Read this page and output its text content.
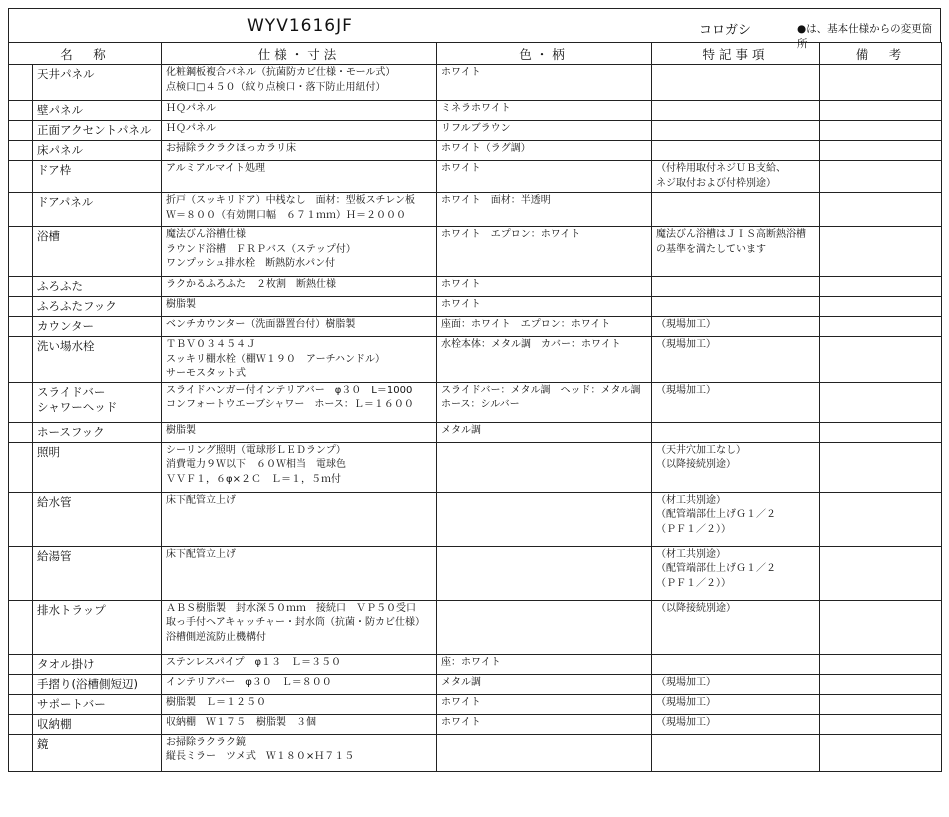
WYV1616JF	コロガシ	●は、基本仕様からの変更箇所
名　称		仕様・寸法	色・柄	特記事項	備　考

	天井パネル	化粧鋼板複合パネル（抗菌防カビ仕様・モール式）
点検口□４５０（紋り点検口・落下防止用紐付）	ホワイト		

	壁パネル	ＨＱパネル	ミネラホワイト		

	正面アクセントパネル	ＨＱパネル	リフルブラウン		

	床パネル	お掃除ラクラクほっカラリ床	ホワイト（ラグ調）		

	ドア枠	アルミアルマイト処理	ホワイト	（付枠用取付ネジＵＢ支給、
ネジ取付および付枠別途）	

	ドアパネル	折戸（スッキリドア）中桟なし　面材：型板スチレン板
Ｗ＝８００（有効開口幅　６７１ｍｍ）Ｈ＝２０００	ホワイト　面材：半透明		

	浴槽	魔法びん浴槽仕様
ラウンド浴槽　ＦＲＰバス（ステップ付）
ワンプッシュ排水栓　断熱防水パン付	ホワイト　エプロン：ホワイト	魔法びん浴槽はＪＩＳ高断熱浴槽
の基準を満たしています	

	ふろふた	ラクかるふろふた　２枚割　断熱仕様	ホワイト		

	ふろふたフック	樹脂製	ホワイト		

	カウンター	ベンチカウンター（洗面器置台付）樹脂製	座面：ホワイト　エプロン：ホワイト	（現場加工）	

	洗い場水栓	ＴＢＶ０３４５４Ｊ
スッキリ棚水栓（棚Ｗ１９０　アーチハンドル）
サーモスタット式	水栓本体：メタル調　カバー：ホワイト	（現場加工）	

	スライドバー
シャワーヘッド	スライドハンガー付インテリアバー　φ３０　L＝1000
コンフォートウエーブシャワー　ホース：Ｌ＝１６００	スライドバー：メタル調　ヘッド：メタル調
ホース：シルバー	（現場加工）	

	ホースフック	樹脂製	メタル調		

	照明	シーリング照明（電球形ＬＥＤランプ）
消費電力９Ｗ以下　６０Ｗ相当　電球色
ＶＶＦ１，６φ×２Ｃ　Ｌ＝１，５ｍ付		（天井穴加工なし）
（以降接続別途）	

	給水管	床下配管立上げ		（材工共別途）
（配管端部仕上げＧ１／２
（ＰＦ１／２））	

	給湯管	床下配管立上げ		（材工共別途）
（配管端部仕上げＧ１／２
（ＰＦ１／２））	

	排水トラップ	ＡＢＳ樹脂製　封水深５０ｍｍ　接続口　ＶＰ５０受口
取っ手付ヘアキャッチャー・封水筒（抗菌・防カビ仕様）
浴槽側逆流防止機構付		（以降接続別途）	

	タオル掛け	ステンレスパイプ　φ１３　Ｌ＝３５０	座：ホワイト		

	手摺り(浴槽側短辺)	インテリアバー　φ３０　Ｌ＝８００	メタル調	（現場加工）	

	サポートバー	樹脂製　Ｌ＝１２５０	ホワイト	（現場加工）	

	収納棚	収納棚　Ｗ１７５　樹脂製　３個	ホワイト	（現場加工）	

	鏡	お掃除ラクラク鏡
縦長ミラー　ツメ式　Ｗ１８０×Ｈ７１５			
